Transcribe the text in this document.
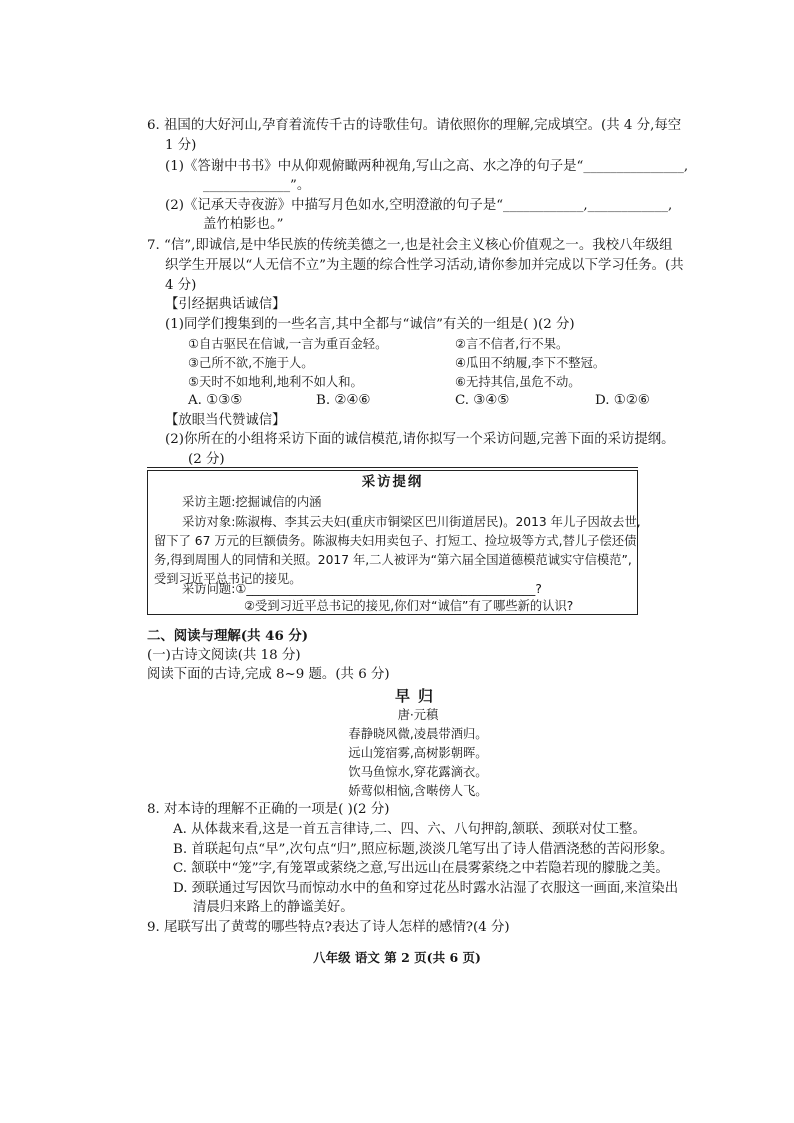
6. 祖国的大好河山,孕育着流传千古的诗歌佳句。请依照你的理解,完成填空。(共 4 分,每空
1 分)
(1)《答谢中书书》中从仰观俯瞰两种视角,写山之高、水之净的句子是“_______________,
_____________”。
(2)《记承天寺夜游》中描写月色如水,空明澄澈的句子是“____________,____________,
盖竹柏影也。”
7. “信”,即诚信,是中华民族的传统美德之一,也是社会主义核心价值观之一。我校八年级组
织学生开展以“人无信不立”为主题的综合性学习活动,请你参加并完成以下学习任务。(共
4 分)
【引经据典话诚信】
(1)同学们搜集到的一些名言,其中全都与“诚信”有关的一组是( )(2 分)
①自古驱民在信诚,一言为重百金轻。	②言不信者,行不果。
③己所不欲,不施于人。	④瓜田不纳履,李下不整冠。
⑤天时不如地利,地利不如人和。	⑥无持其信,虽危不动。
A. ①③⑤	B. ②④⑥	C. ③④⑤	D. ①②⑥
【放眼当代赞诚信】
(2)你所在的小组将采访下面的诚信模范,请你拟写一个采访问题,完善下面的采访提纲。
(2 分)
采访提纲
采访主题:挖掘诚信的内涵
采访对象:陈淑梅、李其云夫妇(重庆市铜梁区巴川街道居民)。2013 年儿子因故去世,
留下了 67 万元的巨额债务。陈淑梅夫妇用卖包子、打短工、捡垃圾等方式,替儿子偿还债
务,得到周围人的同情和关照。2017 年,二人被评为“第六届全国道德模范诚实守信模范”,
受到习近平总书记的接见。
采访问题:①_______________________________________________?
②受到习近平总书记的接见,你们对“诚信”有了哪些新的认识?
二、阅读与理解(共 46 分)
(一)古诗文阅读(共 18 分)
阅读下面的古诗,完成 8~9 题。(共 6 分)
早归
唐·元稹
春静晓风微,凌晨带酒归。
远山笼宿雾,高树影朝晖。
饮马鱼惊水,穿花露滴衣。
娇莺似相恼,含啭傍人飞。
8. 对本诗的理解不正确的一项是( )(2 分)
A. 从体裁来看,这是一首五言律诗,二、四、六、八句押韵,颔联、颈联对仗工整。
B. 首联起句点“早”,次句点“归”,照应标题,淡淡几笔写出了诗人借酒浇愁的苦闷形象。
C. 颔联中“笼”字,有笼罩或萦绕之意,写出远山在晨雾萦绕之中若隐若现的朦胧之美。
D. 颈联通过写因饮马而惊动水中的鱼和穿过花丛时露水沾湿了衣服这一画面,来渲染出
清晨归来路上的静谧美好。
9. 尾联写出了黄莺的哪些特点?表达了诗人怎样的感情?(4 分)
八年级 语文 第 2 页(共 6 页)
